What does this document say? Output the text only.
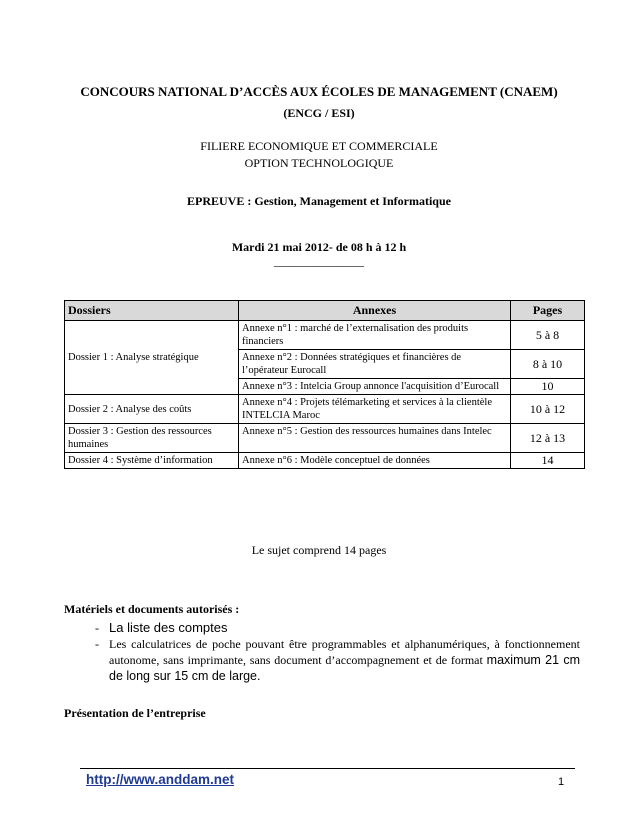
CONCOURS NATIONAL D’ACCÈS AUX ÉCOLES DE MANAGEMENT (CNAEM)
(ENCG / ESI)
FILIERE ECONOMIQUE ET COMMERCIALE
OPTION TECHNOLOGIQUE
EPREUVE : Gestion, Management et Informatique
Mardi 21 mai 2012- de 08 h à 12 h
_______________
Dossiers	Annexes	Pages
Dossier 1 : Analyse stratégique	Annexe n°1 : marché de l’externalisation des produits financiers	5 à 8
	Annexe n°2 : Données stratégiques et financières de l’opérateur Eurocall	8 à 10
	Annexe n°3 : Intelcia Group annonce l'acquisition d’Eurocall	10
Dossier 2 : Analyse des coûts	Annexe n°4 : Projets télémarketing et services à la clientèle INTELCIA Maroc	10 à 12
Dossier 3 : Gestion des ressources humaines	Annexe n°5 : Gestion des ressources humaines dans Intelec	12 à 13
Dossier 4 : Système d’information	Annexe n°6 : Modèle conceptuel de données	14
Le sujet comprend 14 pages
Matériels et documents autorisés :
- La liste des comptes
- Les calculatrices de poche pouvant être programmables et alphanumériques, à fonctionnement autonome, sans imprimante, sans document d’accompagnement et de format maximum 21 cm de long sur 15 cm de large.
Présentation de l’entreprise
http://www.anddam.net	1
